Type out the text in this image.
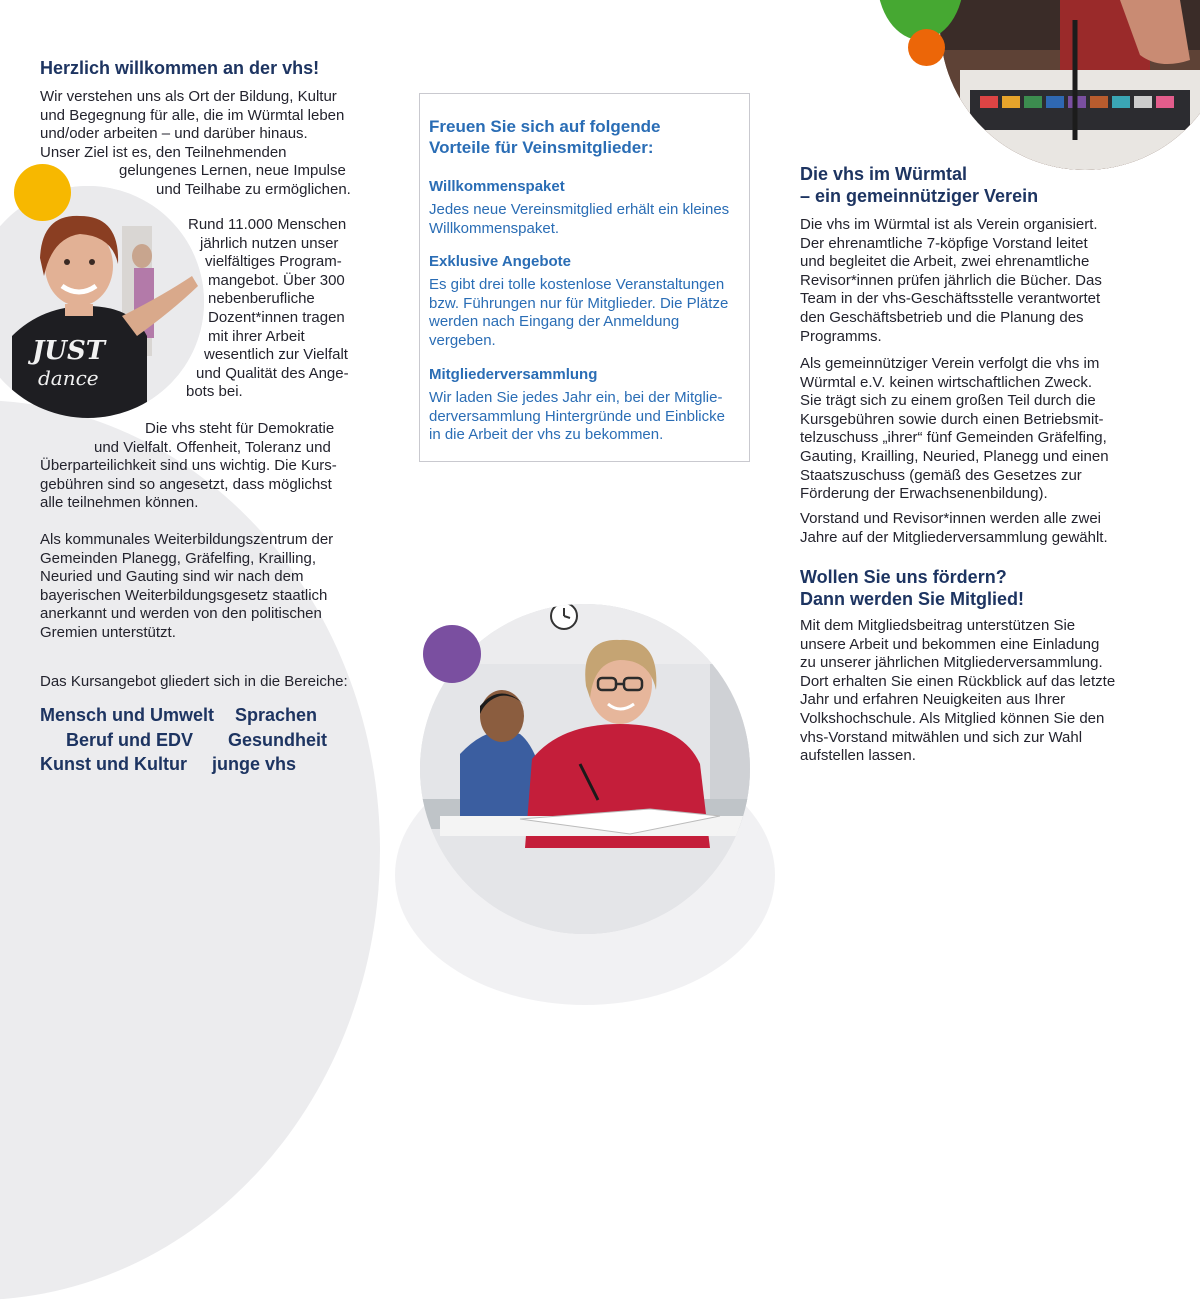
Herzlich willkommen an der vhs!
Wir verstehen uns als Ort der Bildung, Kultur
und Begegnung für alle, die im Würmtal leben
und/oder arbeiten – und darüber hinaus.
Unser Ziel ist es, den Teilnehmenden
gelungenes Lernen, neue Impulse
und Teilhabe zu ermöglichen.
JUST
dance
Rund 11.000 Menschen
jährlich nutzen unser
vielfältiges Program-
mangebot. Über 300
nebenberufliche
Dozent*innen tragen
mit ihrer Arbeit
wesentlich zur Vielfalt
und Qualität des Ange-
bots bei.
Die vhs steht für Demokratie
und Vielfalt. Offenheit, Toleranz und
Überparteilichkeit sind uns wichtig. Die Kurs-
gebühren sind so angesetzt, dass möglichst
alle teilnehmen können.
Als kommunales Weiterbildungszentrum der
Gemeinden Planegg, Gräfelfing, Krailling,
Neuried und Gauting sind wir nach dem
bayerischen Weiterbildungsgesetz staatlich
anerkannt und werden von den politischen
Gremien unterstützt.
Das Kursangebot gliedert sich in die Bereiche:
Mensch und Umwelt Sprachen
Beruf und EDV Gesundheit
Kunst und Kultur junge vhs
Freuen Sie sich auf folgende
Vorteile für Veinsmitglieder:
Willkommenspaket
Jedes neue Vereinsmitglied erhält ein kleines
Willkommenspaket.
Exklusive Angebote
Es gibt drei tolle kostenlose Veranstaltungen
bzw. Führungen nur für Mitglieder. Die Plätze
werden nach Eingang der Anmeldung
vergeben.
Mitgliederversammlung
Wir laden Sie jedes Jahr ein, bei der Mitglie-
derversammlung Hintergründe und Einblicke
in die Arbeit der vhs zu bekommen.
Die vhs im Würmtal
– ein gemeinnütziger Verein
Die vhs im Würmtal ist als Verein organisiert.
Der ehrenamtliche 7-köpfige Vorstand leitet
und begleitet die Arbeit, zwei ehrenamtliche
Revisor*innen prüfen jährlich die Bücher. Das
Team in der vhs-Geschäftsstelle verantwortet
den Geschäftsbetrieb und die Planung des
Programms.
Als gemeinnütziger Verein verfolgt die vhs im
Würmtal e.V. keinen wirtschaftlichen Zweck.
Sie trägt sich zu einem großen Teil durch die
Kursgebühren sowie durch einen Betriebsmit-
telzuschuss „ihrer“ fünf Gemeinden Gräfelfing,
Gauting, Krailling, Neuried, Planegg und einen
Staatszuschuss (gemäß des Gesetzes zur
Förderung der Erwachsenenbildung).
Vorstand und Revisor*innen werden alle zwei
Jahre auf der Mitgliederversammlung gewählt.
Wollen Sie uns fördern?
Dann werden Sie Mitglied!
Mit dem Mitgliedsbeitrag unterstützen Sie
unsere Arbeit und bekommen eine Einladung
zu unserer jährlichen Mitgliederversammlung.
Dort erhalten Sie einen Rückblick auf das letzte
Jahr und erfahren Neuigkeiten aus Ihrer
Volkshochschule. Als Mitglied können Sie den
vhs-Vorstand mitwählen und sich zur Wahl
aufstellen lassen.
